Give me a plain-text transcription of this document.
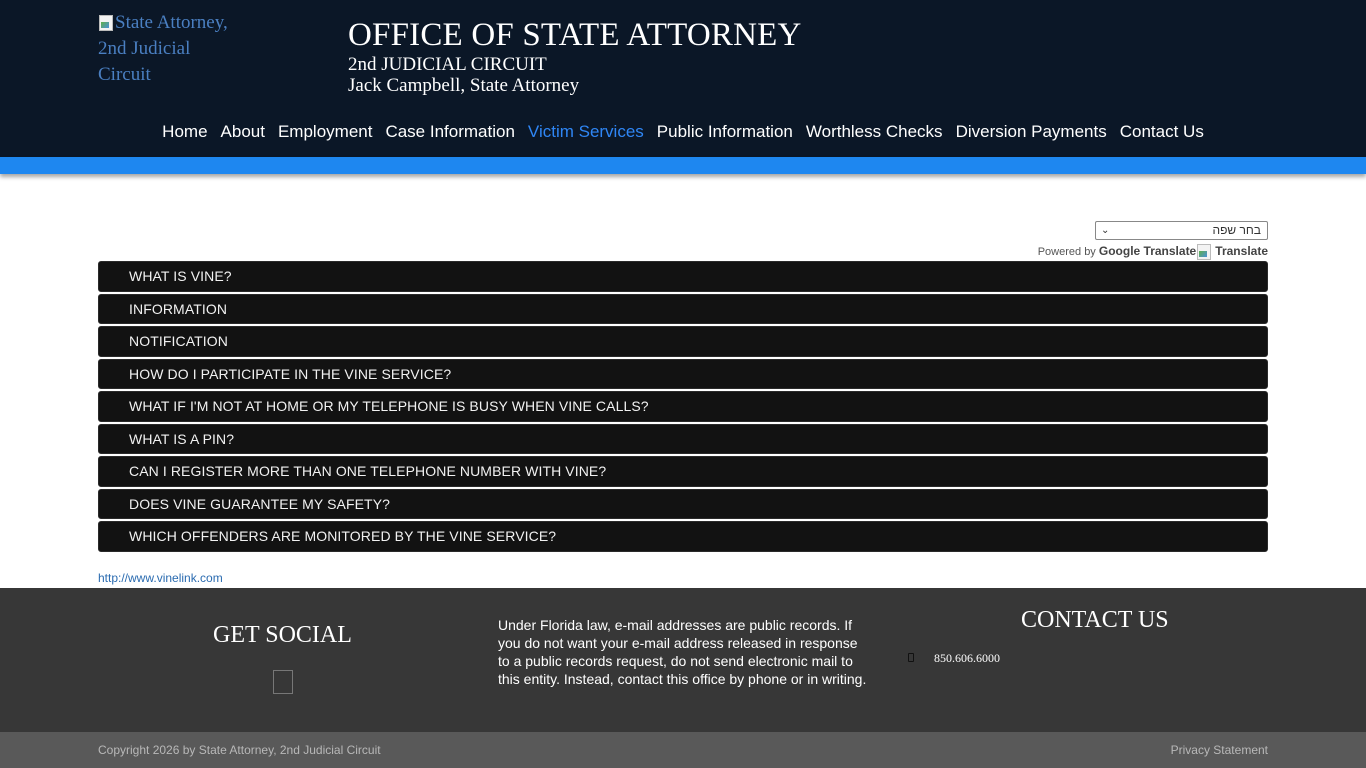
State Attorney, 2nd Judicial Circuit
OFFICE OF STATE ATTORNEY
2nd JUDICIAL CIRCUIT
Jack Campbell, State Attorney
Home About Employment Case Information Victim Services Public Information Worthless Checks Diversion Payments Contact Us
⌄	בחר שפה
Powered by Google Translate Translate
WHAT IS VINE?
INFORMATION
NOTIFICATION
HOW DO I PARTICIPATE IN THE VINE SERVICE?
WHAT IF I'M NOT AT HOME OR MY TELEPHONE IS BUSY WHEN VINE CALLS?
WHAT IS A PIN?
CAN I REGISTER MORE THAN ONE TELEPHONE NUMBER WITH VINE?
DOES VINE GUARANTEE MY SAFETY?
WHICH OFFENDERS ARE MONITORED BY THE VINE SERVICE?
http://www.vinelink.com
GET SOCIAL	Under Florida law, e-mail addresses are public records. If you do not want your e-mail address released in response to a public records request, do not send electronic mail to this entity. Instead, contact this office by phone or in writing.
CONTACT US
850.606.6000
Copyright 2026 by State Attorney, 2nd Judicial Circuit	Privacy Statement
